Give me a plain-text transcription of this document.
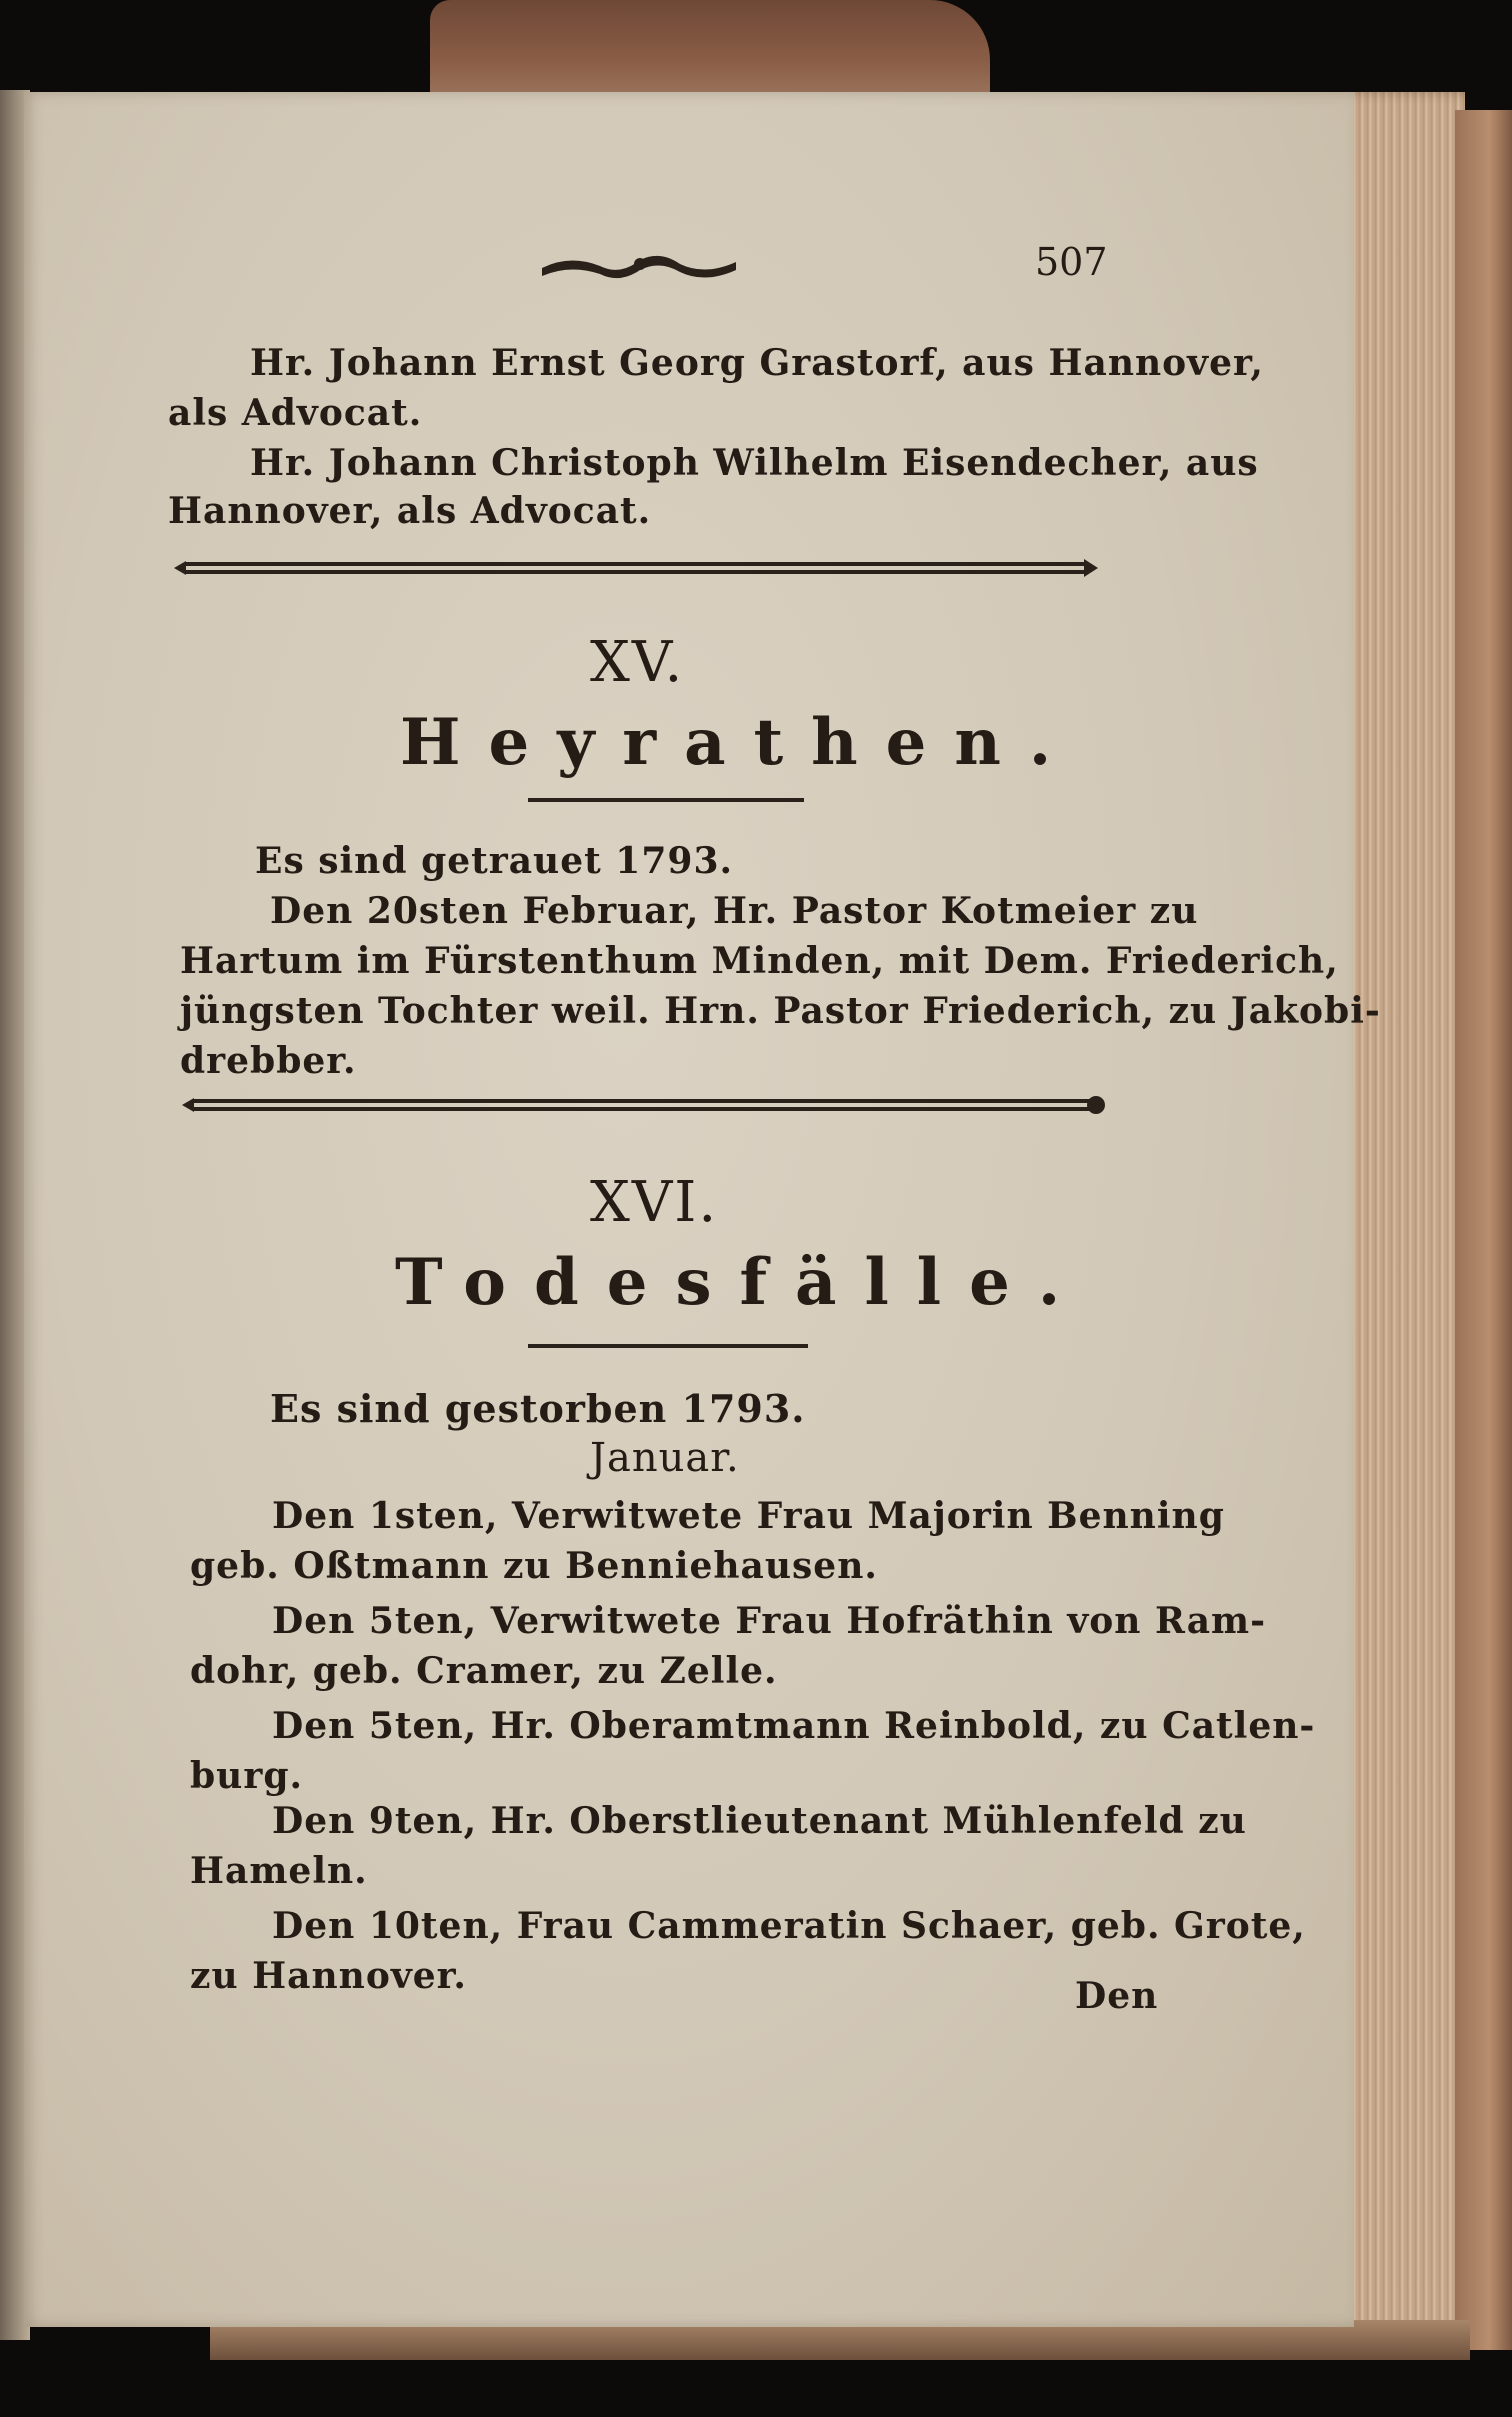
507
Hr. Johann Ernst Georg Grastorf, aus Hannover,
als Advocat.
Hr. Johann Christoph Wilhelm Eisendecher, aus
Hannover, als Advocat.
XV.
Heyrathen.
Es sind getrauet 1793.
Den 20sten Februar, Hr. Pastor Kotmeier zu
Hartum im Fürstenthum Minden, mit Dem. Friederich,
jüngsten Tochter weil. Hrn. Pastor Friederich, zu Jakobi-
drebber.
XVI.
Todesfälle.
Es sind gestorben 1793.
Januar.
Den 1sten, Verwitwete Frau Majorin Benning
geb. Oßtmann zu Benniehausen.
Den 5ten, Verwitwete Frau Hofräthin von Ram-
dohr, geb. Cramer, zu Zelle.
Den 5ten, Hr. Oberamtmann Reinbold, zu Catlen-
burg.
Den 9ten, Hr. Oberstlieutenant Mühlenfeld zu
Hameln.
Den 10ten, Frau Cammeratin Schaer, geb. Grote,
zu Hannover.	Den
